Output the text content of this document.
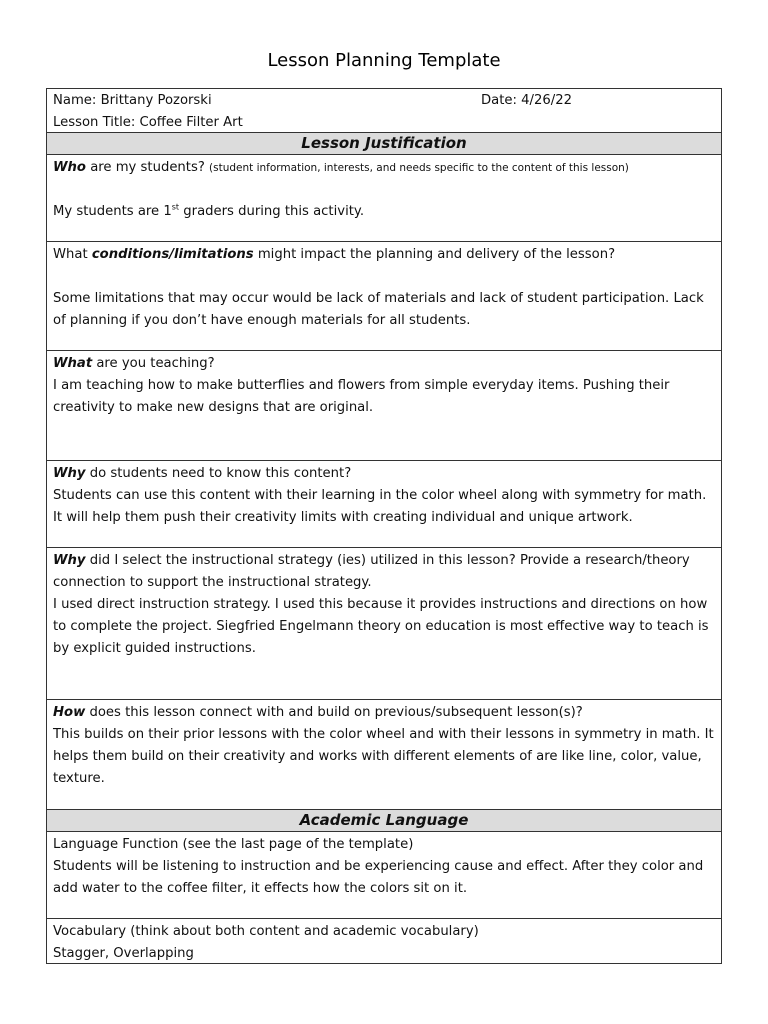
Lesson Planning Template

Name: Brittany Pozorski

Lesson Title: Coffee Filter Art

Date: 4/26/22
Lesson Justification

Who are my students? (student information, interests, and needs specific to the content of this lesson)

My students are 1st graders during this activity.

What conditions/limitations might impact the planning and delivery of the lesson?

Some limitations that may occur would be lack of materials and lack of student participation. Lack of planning if you don’t have enough materials for all students.

What are you teaching?

I am teaching how to make butterflies and flowers from simple everyday items. Pushing their creativity to make new designs that are original.

Why do students need to know this content?

Students can use this content with their learning in the color wheel along with symmetry for math. It will help them push their creativity limits with creating individual and unique artwork.

Why did I select the instructional strategy (ies) utilized in this lesson? Provide a research/theory connection to support the instructional strategy.

I used direct instruction strategy. I used this because it provides instructions and directions on how to complete the project. Siegfried Engelmann theory on education is most effective way to teach is by explicit guided instructions.

How does this lesson connect with and build on previous/subsequent lesson(s)?

This builds on their prior lessons with the color wheel and with their lessons in symmetry in math. It helps them build on their creativity and works with different elements of are like line, color, value, texture.

Academic Language

Language Function (see the last page of the template)

Students will be listening to instruction and be experiencing cause and effect. After they color and add water to the coffee filter, it effects how the colors sit on it.

Vocabulary (think about both content and academic vocabulary)

Stagger, Overlapping
